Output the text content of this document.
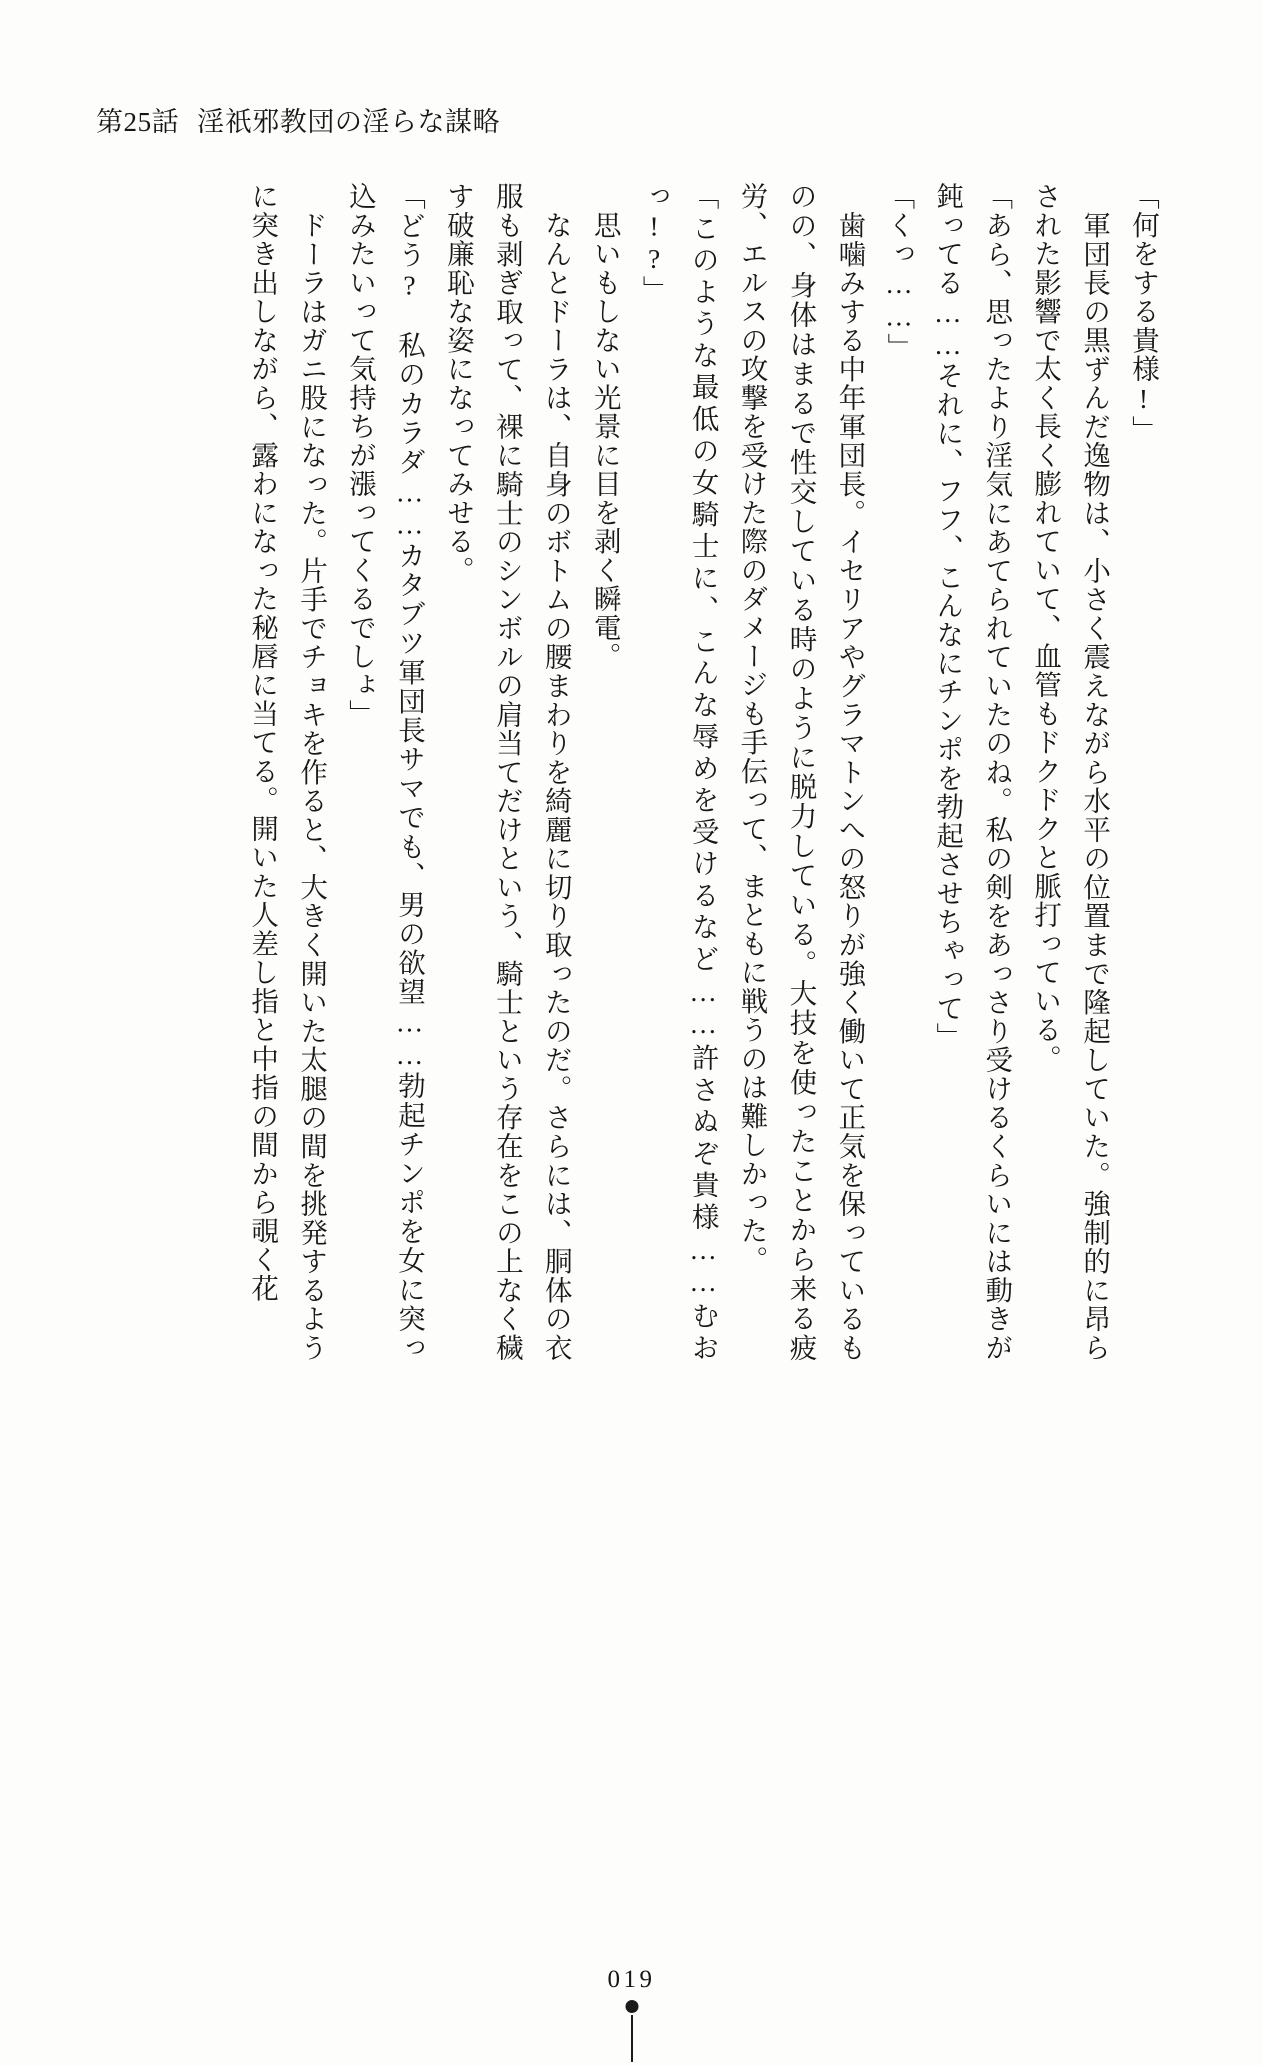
第25話 淫祇邪教団の淫らな謀略

「何をする貴様!」

　軍団長の黒ずんだ逸物は、小さく震えながら水平の位置まで隆起していた。強制的に昂らされた影響で太く長く膨れていて、血管もドクドクと脈打っている。

「あら、思ったより淫気にあてられていたのね。私の剣をあっさり受けるくらいには動きが鈍ってる……それに、フフ、こんなにチンポを勃起させちゃって」

「くっ……」

　歯噛みする中年軍団長。イセリアやグラマトンへの怒りが強く働いて正気を保っているものの、身体はまるで性交している時のように脱力している。大技を使ったことから来る疲労、エルスの攻撃を受けた際のダメージも手伝って、まともに戦うのは難しかった。

「このような最低の女騎士に、こんな辱めを受けるなど……許さぬぞ貴様……むおっ!?」

　思いもしない光景に目を剥く瞬電。

　なんとドーラは、自身のボトムの腰まわりを綺麗に切り取ったのだ。さらには、胴体の衣服も剥ぎ取って、裸に騎士のシンボルの肩当てだけという、騎士という存在をこの上なく穢す破廉恥な姿になってみせる。

「どう?　私のカラダ……カタブツ軍団長サマでも、男の欲望……勃起チンポを女に突っ込みたいって気持ちが漲ってくるでしょ」

　ドーラはガニ股になった。片手でチョキを作ると、大きく開いた太腿の間を挑発するように突き出しながら、露わになった秘唇に当てる。開いた人差し指と中指の間から覗く花

019
